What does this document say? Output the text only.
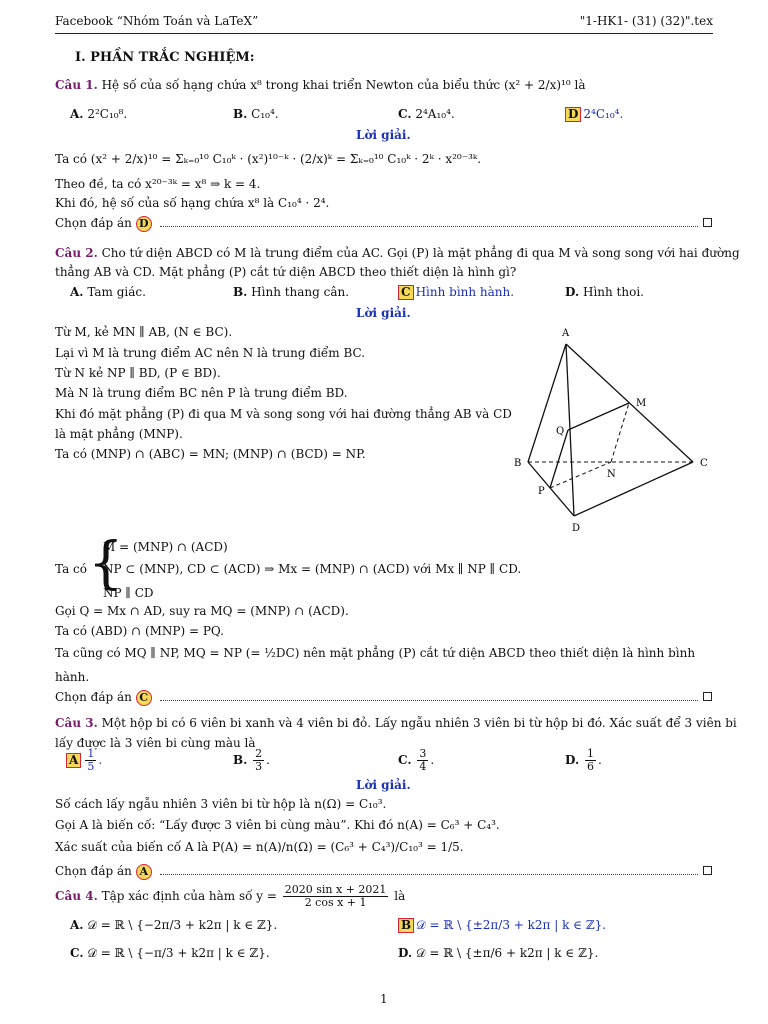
Facebook “Nhóm Toán và LaTeX”	"1-HK1- (31) (32)".tex
I. PHẦN TRẮC NGHIỆM:
Câu 1. Hệ số của số hạng chứa x⁸ trong khai triển Newton của biểu thức (x² + 2/x)¹⁰ là
A. 2²C₁₀⁸.	B. C₁₀⁴.	C. 2⁴A₁₀⁴.	D 2⁴C₁₀⁴.
Lời giải.
Ta có (x² + 2/x)¹⁰ = Σₖ₌₀¹⁰ C₁₀ᵏ · (x²)¹⁰⁻ᵏ · (2/x)ᵏ = Σₖ₌₀¹⁰ C₁₀ᵏ · 2ᵏ · x²⁰⁻³ᵏ.
Theo đề, ta có x²⁰⁻³ᵏ = x⁸ ⇒ k = 4.
Khi đó, hệ số của số hạng chứa x⁸ là C₁₀⁴ · 2⁴.
Chọn đáp án D
Câu 2. Cho tứ diện ABCD có M là trung điểm của AC. Gọi (P) là mặt phẳng đi qua M và song song với hai đường
thẳng AB và CD. Mặt phẳng (P) cắt tứ diện ABCD theo thiết diện là hình gì?
A. Tam giác.	B. Hình thang cân.	C Hình bình hành.	D. Hình thoi.
Lời giải.
Từ M, kẻ MN ∥ AB, (N ∈ BC).
Lại vì M là trung điểm AC nên N là trung điểm BC.
Từ N kẻ NP ∥ BD, (P ∈ BD).
Mà N là trung điểm BC nên P là trung điểm BD.
Khi đó mặt phẳng (P) đi qua M và song song với hai đường thẳng AB và CD
là mặt phẳng (MNP).
Ta có (MNP) ∩ (ABC) = MN; (MNP) ∩ (BCD) = NP.
A
M
Q
B	C
N
P
D
Ta có {
M = (MNP) ∩ (ACD)
NP ⊂ (MNP), CD ⊂ (ACD) ⇒ Mx = (MNP) ∩ (ACD) với Mx ∥ NP ∥ CD.
NP ∥ CD
Gọi Q = Mx ∩ AD, suy ra MQ = (MNP) ∩ (ACD).
Ta có (ABD) ∩ (MNP) = PQ.
Ta cũng có MQ ∥ NP, MQ = NP (= ½DC) nên mặt phẳng (P) cắt tứ diện ABCD theo thiết diện là hình bình
hành.
Chọn đáp án C
Câu 3. Một hộp bi có 6 viên bi xanh và 4 viên bi đỏ. Lấy ngẫu nhiên 3 viên bi từ hộp bi đó. Xác suất để 3 viên bi
lấy được là 3 viên bi cùng màu là
A $\frac{1}{5}$ .	B. $\frac{2}{3}$ .	C. $\frac{3}{4}$ .	D. $\frac{1}{6}$ .
Lời giải.
Số cách lấy ngẫu nhiên 3 viên bi từ hộp là n(Ω) = C₁₀³.
Gọi A là biến cố: “Lấy được 3 viên bi cùng màu”. Khi đó n(A) = C₆³ + C₄³.
Xác suất của biến cố A là P(A) = n(A)/n(Ω) = (C₆³ + C₄³)/C₁₀³ = 1/5.
Chọn đáp án A
Câu 4. Tập xác định của hàm số $y = \frac{\text{2020 sin x + 2021}}{\text{2 cos x + 1}}$ là
A. 𝒟 = ℝ \ {−2π/3 + k2π | k ∈ ℤ}.	B 𝒟 = ℝ \ {±2π/3 + k2π | k ∈ ℤ}.
C. 𝒟 = ℝ \ {−π/3 + k2π | k ∈ ℤ}.	D. 𝒟 = ℝ \ {±π/6 + k2π | k ∈ ℤ}.
1
